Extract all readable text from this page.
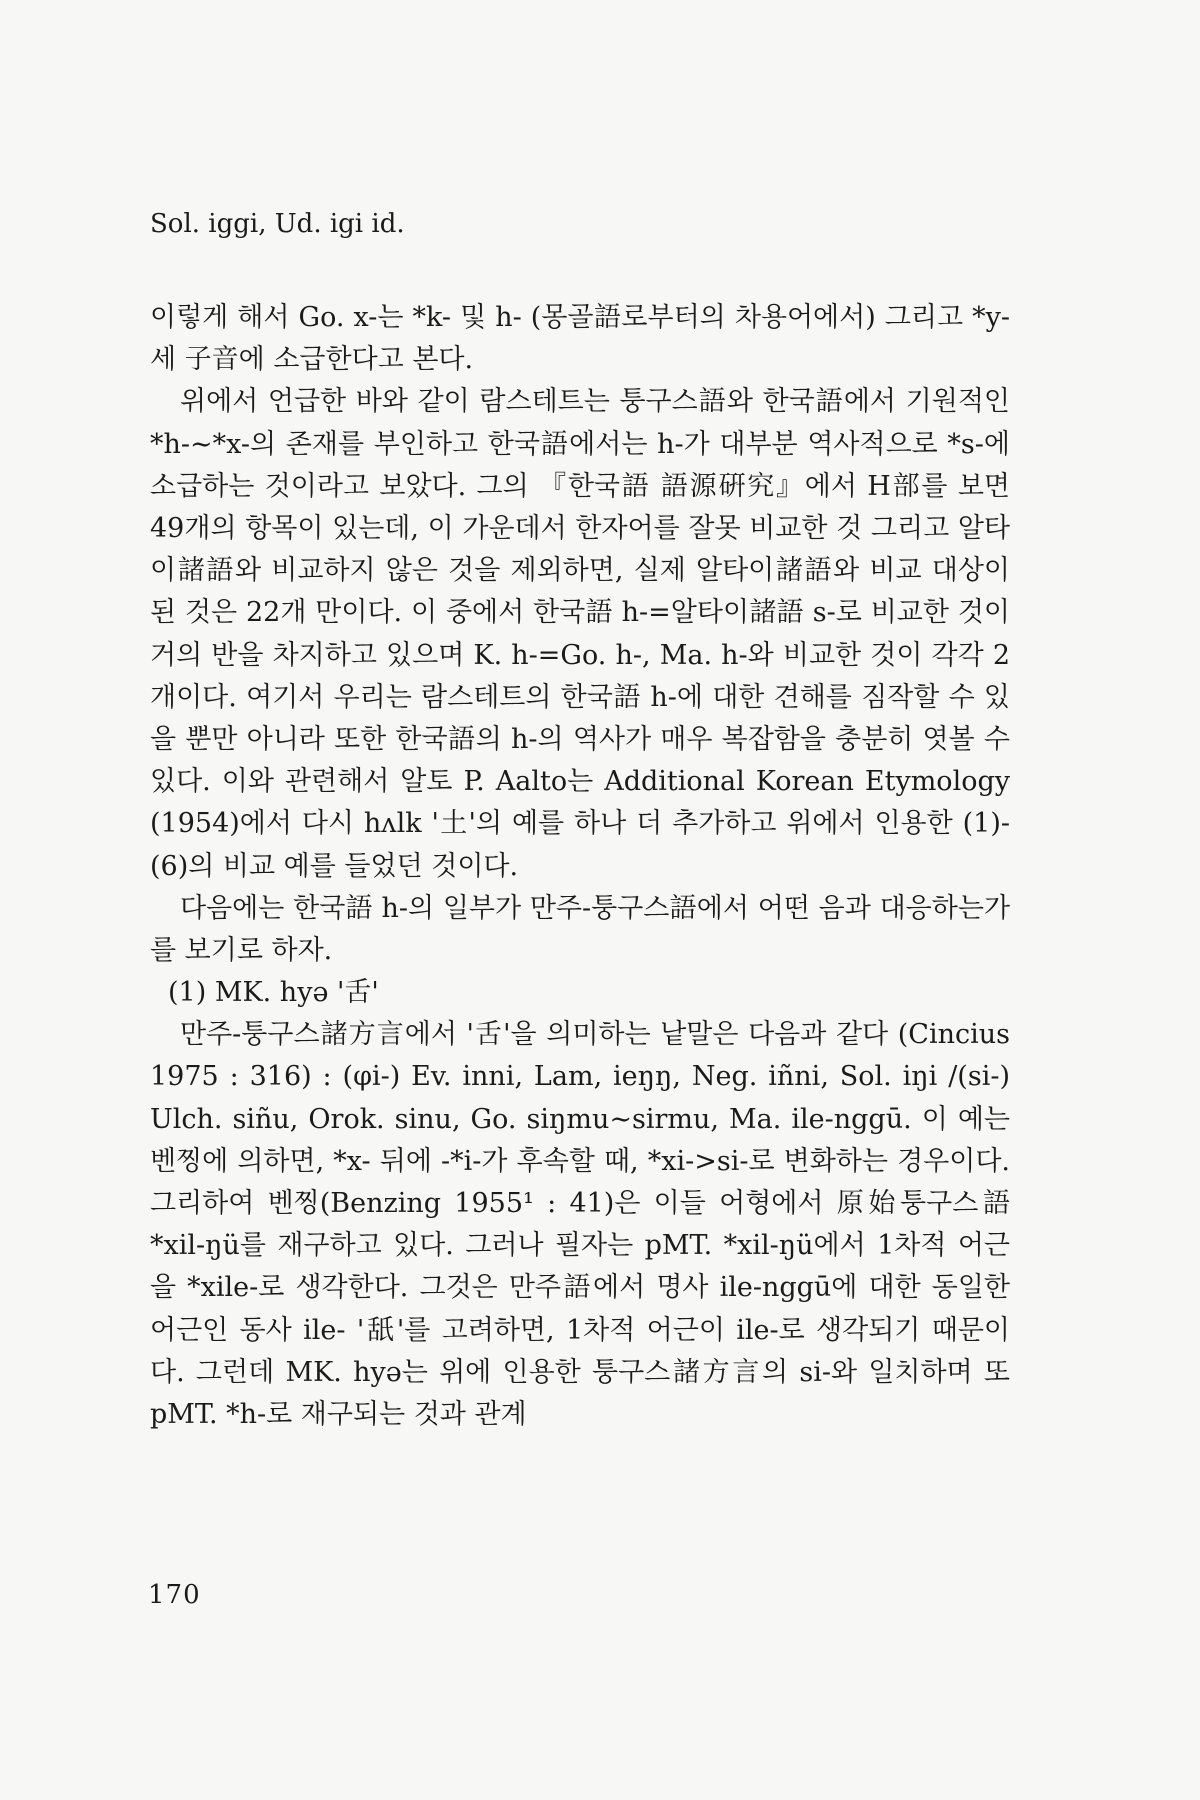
Sol. iggi, Ud. igi id.

이렇게 해서 Go. x-는 *k- 및 h- (몽골語로부터의 차용어에서) 그리고 *y- 세 子音에 소급한다고 본다.

위에서 언급한 바와 같이 람스테트는 퉁구스語와 한국語에서 기원적인 *h-∼*x-의 존재를 부인하고 한국語에서는 h-가 대부분 역사적으로 *s-에 소급하는 것이라고 보았다. 그의 『한국語 語源硏究』에서 H部를 보면 49개의 항목이 있는데, 이 가운데서 한자어를 잘못 비교한 것 그리고 알타이諸語와 비교하지 않은 것을 제외하면, 실제 알타이諸語와 비교 대상이 된 것은 22개 만이다. 이 중에서 한국語 h-=알타이諸語 s-로 비교한 것이 거의 반을 차지하고 있으며 K. h-=Go. h-, Ma. h-와 비교한 것이 각각 2개이다. 여기서 우리는 람스테트의 한국語 h-에 대한 견해를 짐작할 수 있을 뿐만 아니라 또한 한국語의 h-의 역사가 매우 복잡함을 충분히 엿볼 수 있다. 이와 관련해서 알토 P. Aalto는 Additional Korean Etymology (1954)에서 다시 hʌlk '土'의 예를 하나 더 추가하고 위에서 인용한 (1)-(6)의 비교 예를 들었던 것이다.

다음에는 한국語 h-의 일부가 만주-퉁구스語에서 어떤 음과 대응하는가를 보기로 하자.

(1) MK. hyə '舌'

만주-퉁구스諸方言에서 '舌'을 의미하는 낱말은 다음과 같다 (Cincius 1975 : 316) : (φi-) Ev. inni, Lam, ieŋŋ, Neg. iñni, Sol. iŋi /(si-) Ulch. siñu, Orok. sinu, Go. siŋmu∼sirmu, Ma. ile-nggū. 이 예는 벤찡에 의하면, *x- 뒤에 -*i-가 후속할 때, *xi->si-로 변화하는 경우이다. 그리하여 벤찡(Benzing 1955¹ : 41)은 이들 어형에서 原始퉁구스語 *xil-ŋü를 재구하고 있다. 그러나 필자는 pMT. *xil-ŋü에서 1차적 어근을 *xile-로 생각한다. 그것은 만주語에서 명사 ile-nggū에 대한 동일한 어근인 동사 ile- '舐'를 고려하면, 1차적 어근이 ile-로 생각되기 때문이다. 그런데 MK. hyə는 위에 인용한 퉁구스諸方言의 si-와 일치하며 또 pMT. *h-로 재구되는 것과 관계

170
